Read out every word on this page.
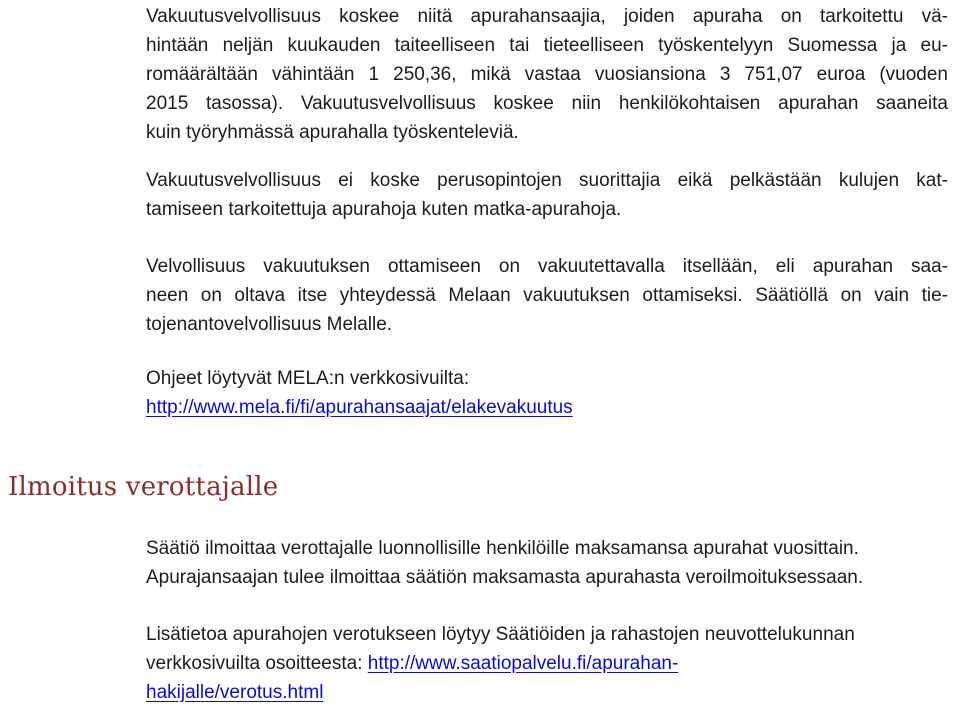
Vakuutusvelvollisuus koskee niitä apurahansaajia, joiden apuraha on tarkoitettu vä-
hintään neljän kuukauden taiteelliseen tai tieteelliseen työskentelyyn Suomessa ja eu-
romäärältään vähintään 1 250,36, mikä vastaa vuosiansiona 3 751,07 euroa (vuoden
2015 tasossa). Vakuutusvelvollisuus koskee niin henkilökohtaisen apurahan saaneita
kuin työryhmässä apurahalla työskenteleviä.
Vakuutusvelvollisuus ei koske perusopintojen suorittajia eikä pelkästään kulujen kat-
tamiseen tarkoitettuja apurahoja kuten matka-apurahoja.
Velvollisuus vakuutuksen ottamiseen on vakuutettavalla itsellään, eli apurahan saa-
neen on oltava itse yhteydessä Melaan vakuutuksen ottamiseksi. Säätiöllä on vain tie-
tojenantovelvollisuus Melalle.
Ohjeet löytyvät MELA:n verkkosivuilta:
http://www.mela.fi/fi/apurahansaajat/elakevakuutus
Ilmoitus verottajalle
Säätiö ilmoittaa verottajalle luonnollisille henkilöille maksamansa apurahat vuosittain.
Apurajansaajan tulee ilmoittaa säätiön maksamasta apurahasta veroilmoituksessaan.
Lisätietoa apurahojen verotukseen löytyy Säätiöiden ja rahastojen neuvottelukunnan
verkkosivuilta osoitteesta: http://www.saatiopalvelu.fi/apurahan-
hakijalle/verotus.html
